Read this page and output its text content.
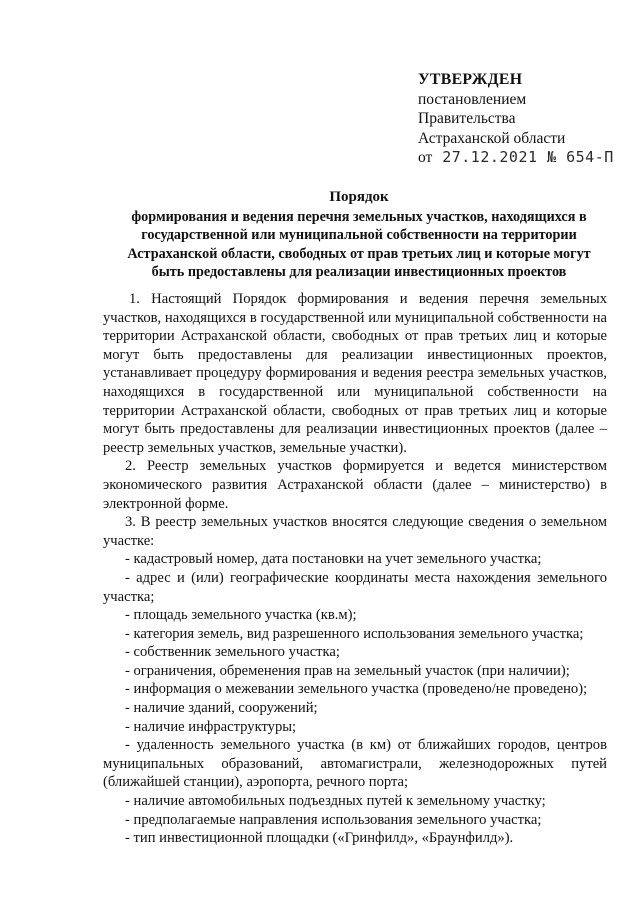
УТВЕРЖДЕН
постановлением
Правительства
Астраханской области
от 27.12.2021 № 654-П
Порядок
формирования и ведения перечня земельных участков, находящихся в государственной или муниципальной собственности на территории Астраханской области, свободных от прав третьих лиц и которые могут быть предоставлены для реализации инвестиционных проектов

1. Настоящий Порядок формирования и ведения перечня земельных участков, находящихся в государственной или муниципальной собственности на территории Астраханской области, свободных от прав третьих лиц и которые могут быть предоставлены для реализации инвестиционных проектов, устанавливает процедуру формирования и ведения реестра земельных участков, находящихся в государственной или муниципальной собственности на территории Астраханской области, свободных от прав третьих лиц и которые могут быть предоставлены для реализации инвестиционных проектов (далее – реестр земельных участков, земельные участки).

2. Реестр земельных участков формируется и ведется министерством экономического развития Астраханской области (далее – министерство) в электронной форме.

3. В реестр земельных участков вносятся следующие сведения о земельном участке:

- кадастровый номер, дата постановки на учет земельного участка;

- адрес и (или) географические координаты места нахождения земельного участка;

- площадь земельного участка (кв.м);

- категория земель, вид разрешенного использования земельного участка;

- собственник земельного участка;

- ограничения, обременения прав на земельный участок (при наличии);

- информация о межевании земельного участка (проведено/не проведено);

- наличие зданий, сооружений;

- наличие инфраструктуры;

- удаленность земельного участка (в км) от ближайших городов, центров муниципальных образований, автомагистрали, железнодорожных путей (ближайшей станции), аэропорта, речного порта;

- наличие автомобильных подъездных путей к земельному участку;

- предполагаемые направления использования земельного участка;

- тип инвестиционной площадки («Гринфилд», «Браунфилд»).
